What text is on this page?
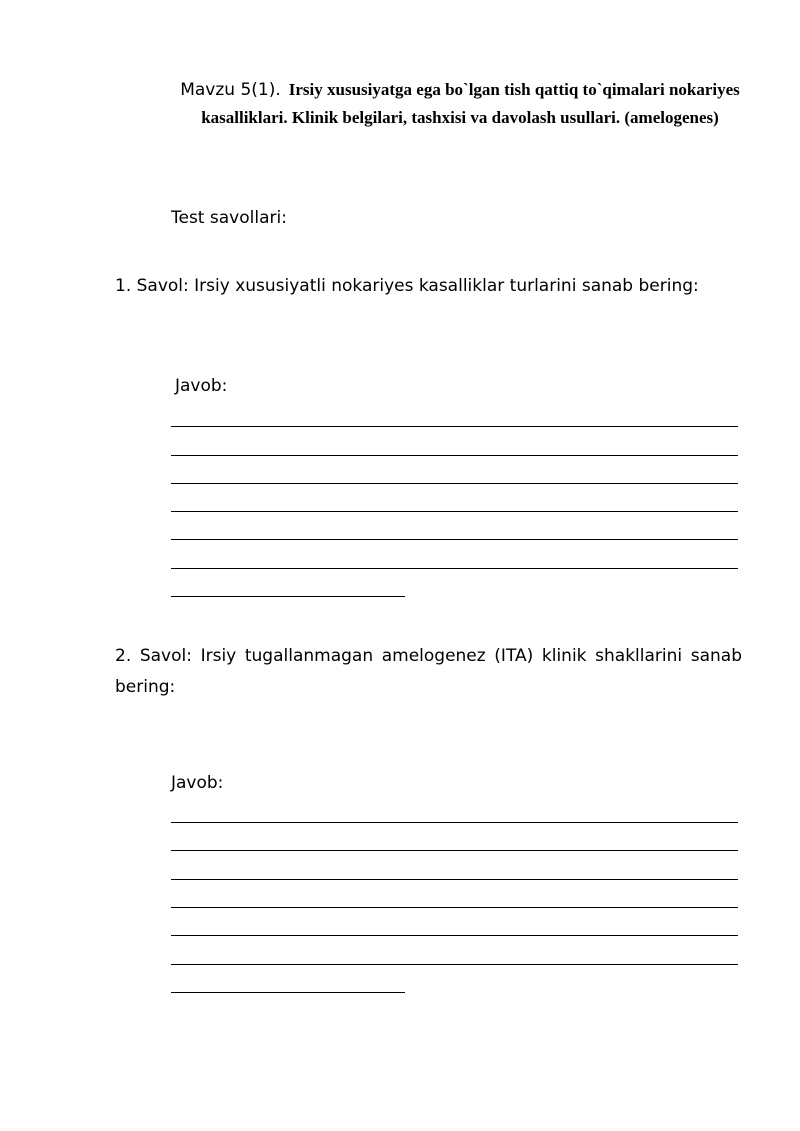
Mavzu 5(1). Irsiy xususiyatga ega bo`lgan tish qattiq to`qimalari nokariyes kasalliklari. Klinik belgilari, tashxisi va davolash usullari. (amelogenes)
Test savollari:
1. Savol: Irsiy xususiyatli nokariyes kasalliklar turlarini sanab bering:
Javob:
2. Savol: Irsiy tugallanmagan amelogenez (ITA) klinik shakllarini sanab bering:
Javob:
